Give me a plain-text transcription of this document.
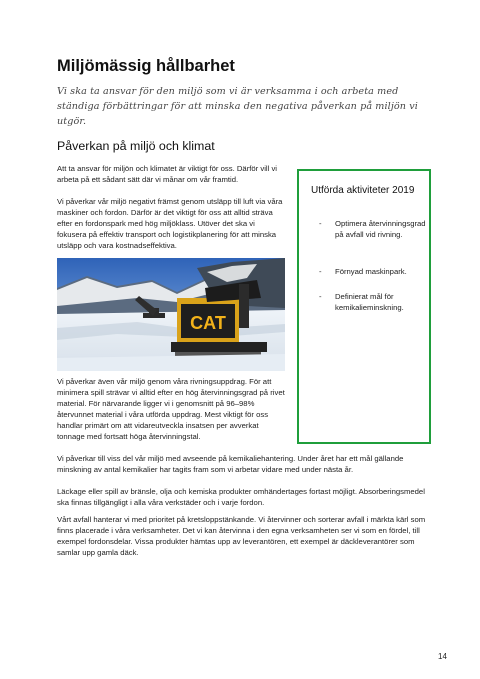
Miljömässig hållbarhet
Vi ska ta ansvar för den miljö som vi är verksamma i och arbeta med ständiga förbättringar för att minska den negativa påverkan på miljön vi utgör.
Påverkan på miljö och klimat

Att ta ansvar för miljön och klimatet är viktigt för oss. Därför vill vi arbeta på ett sådant sätt där vi månar om vår framtid.

Vi påverkar vår miljö negativt främst genom utsläpp till luft via våra maskiner och fordon. Därför är det viktigt för oss att alltid sträva efter en fordonspark med hög miljöklass. Utöver det ska vi fokusera på effektiv transport och logistikplanering för att minska utsläpp och vara kostnadseffektiva.

CAT

Vi påverkar även vår miljö genom våra rivningsuppdrag. För att minimera spill strävar vi alltid efter en hög återvinningsgrad på rivet material. För närvarande ligger vi i genomsnitt på 96–98% återvunnet material i våra utförda uppdrag. Mest viktigt för oss handlar primärt om att vidareutveckla insatsen per avverkat tonnage med fortsatt höga återvinningstal.

Vi påverkar till viss del vår miljö med avseende på kemikaliehantering. Under året har ett mål gällande minskning av antal kemikalier har tagits fram som vi arbetar vidare med under nästa år.

Läckage eller spill av bränsle, olja och kemiska produkter omhändertages fortast möjligt. Absorberingsmedel ska finnas tillgängligt i alla våra verkstäder och i varje fordon.

Vårt avfall hanterar vi med prioritet på kretsloppstänkande. Vi återvinner och sorterar avfall i märkta kärl som finns placerade i våra verksamheter. Det vi kan återvinna i den egna verksamheten ser vi som en fördel, till exempel fordonsdelar. Vissa produkter hämtas upp av leverantören, ett exempel är däckleverantörer som samlar upp gamla däck.

Utförda aktiviteter 2019
- Optimera återvinningsgrad på avfall vid rivning.
- Förnyad maskinpark.
- Definierat mål för kemikalieminskning.
14
